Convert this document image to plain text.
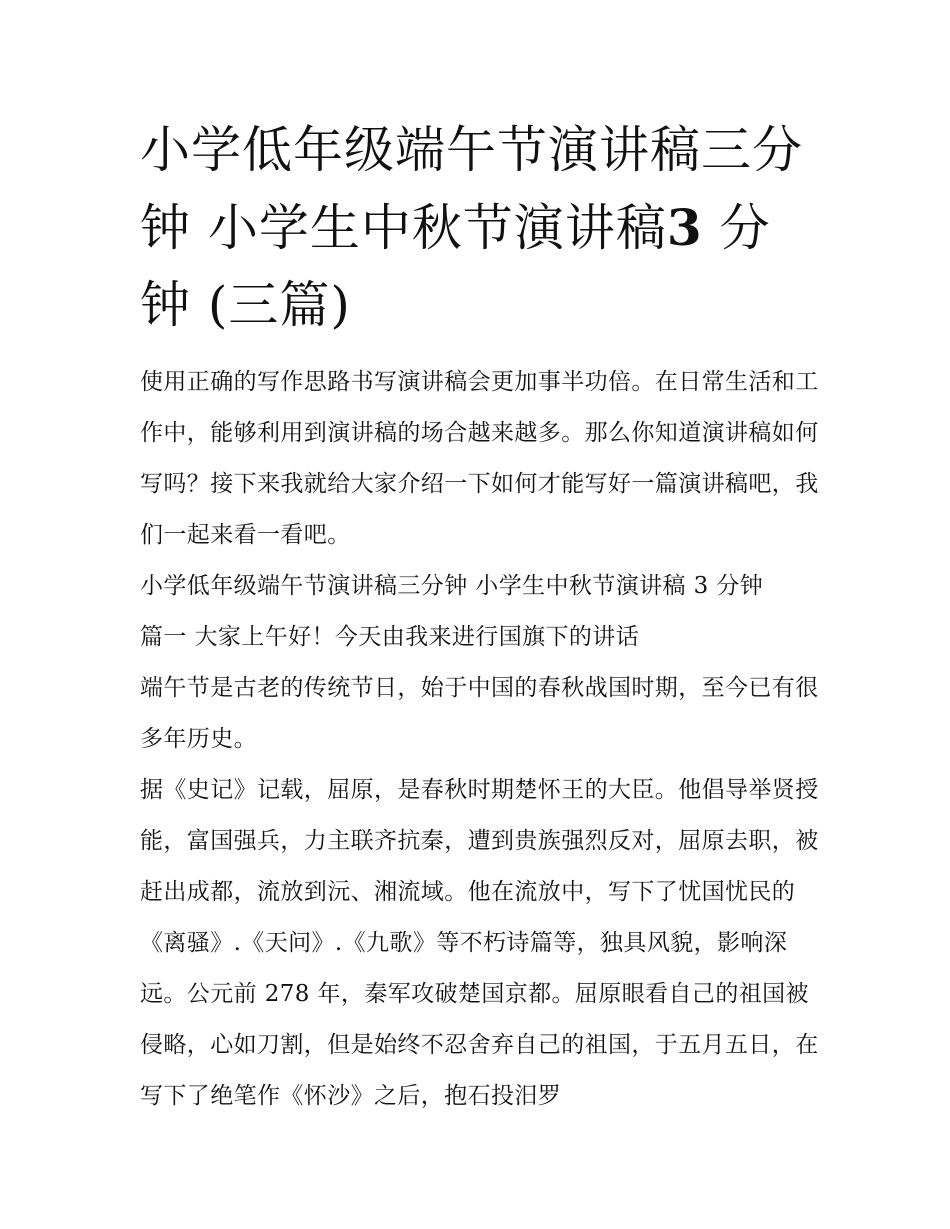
小学低年级端午节演讲稿三分钟 小学生中秋节演讲稿3 分钟 (三篇)

使用正确的写作思路书写演讲稿会更加事半功倍。在日常生活和工作中，能够利用到演讲稿的场合越来越多。那么你知道演讲稿如何写吗？接下来我就给大家介绍一下如何才能写好一篇演讲稿吧，我们一起来看一看吧。

小学低年级端午节演讲稿三分钟 小学生中秋节演讲稿 3 分钟

篇一 大家上午好！今天由我来进行国旗下的讲话

端午节是古老的传统节日，始于中国的春秋战国时期，至今已有很多年历史。

据《史记》记载，屈原，是春秋时期楚怀王的大臣。他倡导举贤授能，富国强兵，力主联齐抗秦，遭到贵族强烈反对，屈原去职，被赶出成都，流放到沅、湘流域。他在流放中，写下了忧国忧民的《离骚》.《天问》.《九歌》等不朽诗篇等，独具风貌，影响深远。公元前 278 年，秦军攻破楚国京都。屈原眼看自己的祖国被侵略，心如刀割，但是始终不忍舍弃自己的祖国，于五月五日，在写下了绝笔作《怀沙》之后，抱石投汨罗
